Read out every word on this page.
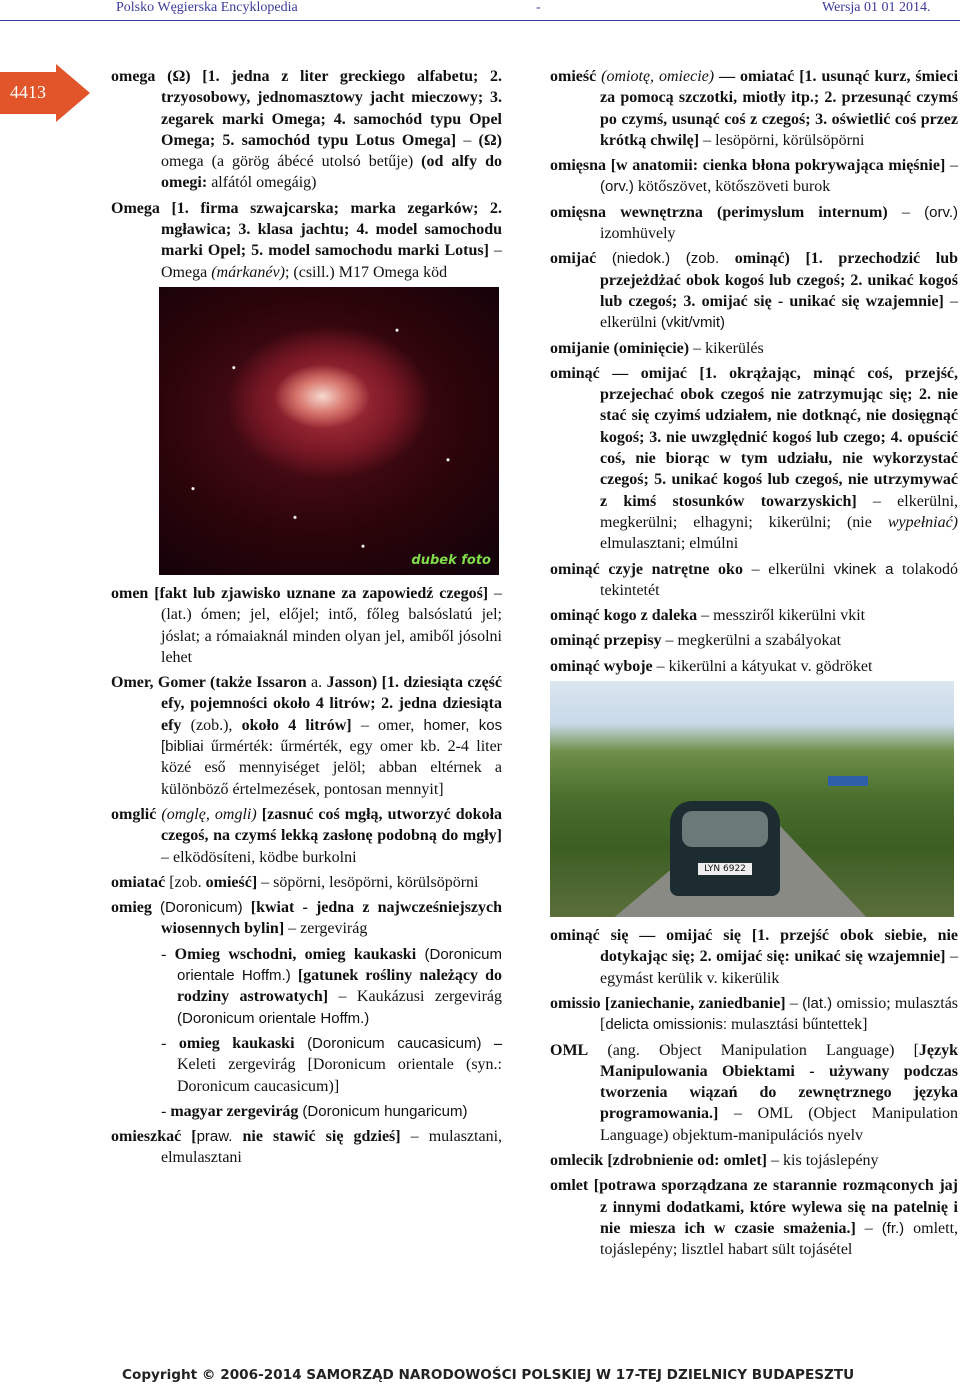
Polsko Węgierska Encyklopedia	-	Wersja 01 01 2014.
4413

omega (Ω) [1. jedna z liter greckiego alfabetu; 2. trzyosobowy, jednomasztowy jacht mieczowy; 3. zegarek marki Omega; 4. samochód typu Opel Omega; 5. samochód typu Lotus Omega] – (Ω) omega (a görög ábécé utolsó betűje) (od alfy do omegi: alfától omegáig)

Omega [1. firma szwajcarska; marka zegarków; 2. mgławica; 3. klasa jachtu; 4. model samochodu marki Opel; 5. model samochodu marki Lotus] – Omega (márkanév); (csill.) M17 Omega köd

dubek foto

omen [fakt lub zjawisko uznane za zapowiedź czegoś] – (lat.) ómen; jel, előjel; intő, főleg balsóslatú jel; jóslat; a rómaiaknál minden olyan jel, amiből jósolni lehet

Omer, Gomer (także Issaron a. Jasson) [1. dziesiąta część efy, pojemności około 4 litrów; 2. jedna dziesiąta efy (zob.), około 4 litrów] – omer, homer, kos [bibliai űrmérték: űrmérték, egy omer kb. 2-4 liter közé eső mennyiséget jelöl; abban eltérnek a különböző értelmezések, pontosan mennyit]

omglić (omglę, omgli) [zasnuć coś mgłą, utworzyć dokoła czegoś, na czymś lekką zasłonę podobną do mgły] – elködösíteni, ködbe burkolni

omiatać [zob. omieść] – söpörni, lesöpörni, körülsöpörni

omieg (Doronicum) [kwiat - jedna z najwcześniejszych wiosennych bylin] – zergevirág

- Omieg wschodni, omieg kaukaski (Doronicum orientale Hoffm.) [gatunek rośliny należący do rodziny astrowatych] – Kaukázusi zergevirág (Doronicum orientale Hoffm.)

- omieg kaukaski (Doronicum caucasicum) – Keleti zergevirág [Doronicum orientale (syn.: Doronicum caucasicum)]

- magyar zergevirág (Doronicum hungaricum)

omieszkać [praw. nie stawić się gdzieś] – mulasztani, elmulasztani

omieść (omiotę, omiecie) — omiatać [1. usunąć kurz, śmieci za pomocą szczotki, miotły itp.; 2. przesunąć czymś po czymś, usunąć coś z czegoś; 3. oświetlić coś przez krótką chwilę] – lesöpörni, körülsöpörni

omięsna [w anatomii: cienka błona pokrywająca mięśnie] – (orv.) kötőszövet, kötőszöveti burok

omięsna wewnętrzna (perimyslum internum) – (orv.) izomhüvely

omijać (niedok.) (zob. ominąć) [1. przechodzić lub przejeżdżać obok kogoś lub czegoś; 2. unikać kogoś lub czegoś; 3. omijać się - unikać się wzajemnie] – elkerülni (vkit/vmit)

omijanie (ominięcie) – kikerülés

ominąć — omijać [1. okrążając, minąć coś, przejść, przejechać obok czegoś nie zatrzymując się; 2. nie stać się czyimś udziałem, nie dotknąć, nie dosięgnąć kogoś; 3. nie uwzględnić kogoś lub czego; 4. opuścić coś, nie biorąc w tym udziału, nie wykorzystać czegoś; 5. unikać kogoś lub czegoś, nie utrzymywać z kimś stosunków towarzyskich] – elkerülni, megkerülni; elhagyni; kikerülni; (nie wypełniać) elmulasztani; elmúlni

ominąć czyje natrętne oko – elkerülni vkinek a tolakodó tekintetét

ominąć kogo z daleka – messziről kikerülni vkit

ominąć przepisy – megkerülni a szabályokat

ominąć wyboje – kikerülni a kátyukat v. gödröket

LYN 6922

ominąć się — omijać się [1. przejść obok siebie, nie dotykając się; 2. omijać się: unikać się wzajemnie] – egymást kerülik v. kikerülik

omissio [zaniechanie, zaniedbanie] – (lat.) omissio; mulasztás [delicta omissionis: mulasztási bűntettek]

OML (ang. Object Manipulation Language) [Język Manipulowania Obiektami - używany podczas tworzenia wiązań do zewnętrznego języka programowania.] – OML (Object Manipulation Language) objektum-manipulációs nyelv

omlecik [zdrobnienie od: omlet] – kis tojáslepény

omlet [potrawa sporządzana ze starannie rozmąconych jaj z innymi dodatkami, które wylewa się na patelnię i nie miesza ich w czasie smażenia.] – (fr.) omlett, tojáslepény; lisztlel habart sült tojásétel

Copyright © 2006-2014 SAMORZĄD NARODOWOŚCI POLSKIEJ W 17-TEJ DZIELNICY BUDAPESZTU
